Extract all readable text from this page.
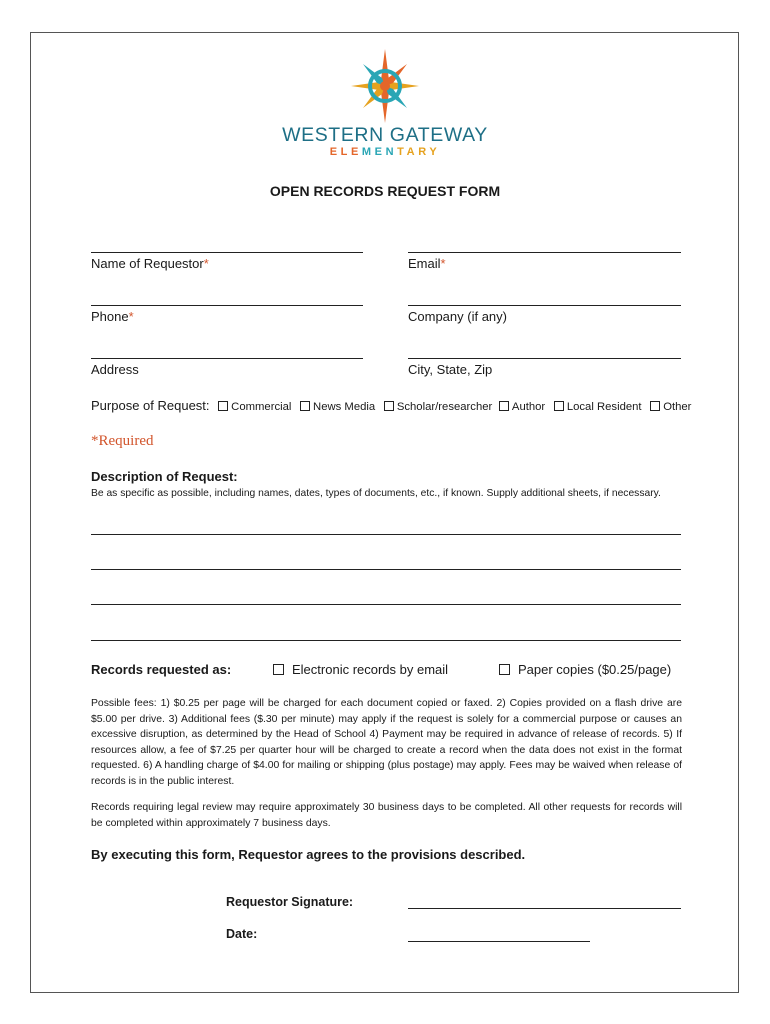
WESTERN GATEWAY
ELEMENTARY
OPEN RECORDS REQUEST FORM
Name of Requestor*	Email*
Phone*	Company (if any)
Address	City, State, Zip
Purpose of Request: Commercial News Media Scholar/researcher Author Local Resident Other
*Required
Description of Request:
Be as specific as possible, including names, dates, types of documents, etc., if known. Supply additional sheets, if necessary.
Records requested as:	Electronic records by email	Paper copies ($0.25/page)
Possible fees: 1) $0.25 per page will be charged for each document copied or faxed. 2) Copies provided on a flash drive are $5.00 per drive. 3) Additional fees ($.30 per minute) may apply if the request is solely for a commercial purpose or causes an excessive disruption, as determined by the Head of School 4) Payment may be required in advance of release of records. 5) If resources allow, a fee of $7.25 per quarter hour will be charged to create a record when the data does not exist in the format requested. 6) A handling charge of $4.00 for mailing or shipping (plus postage) may apply. Fees may be waived when release of records is in the public interest.
Records requiring legal review may require approximately 30 business days to be completed. All other requests for records will be completed within approximately 7 business days.
By executing this form, Requestor agrees to the provisions described.
Requestor Signature:
Date:
